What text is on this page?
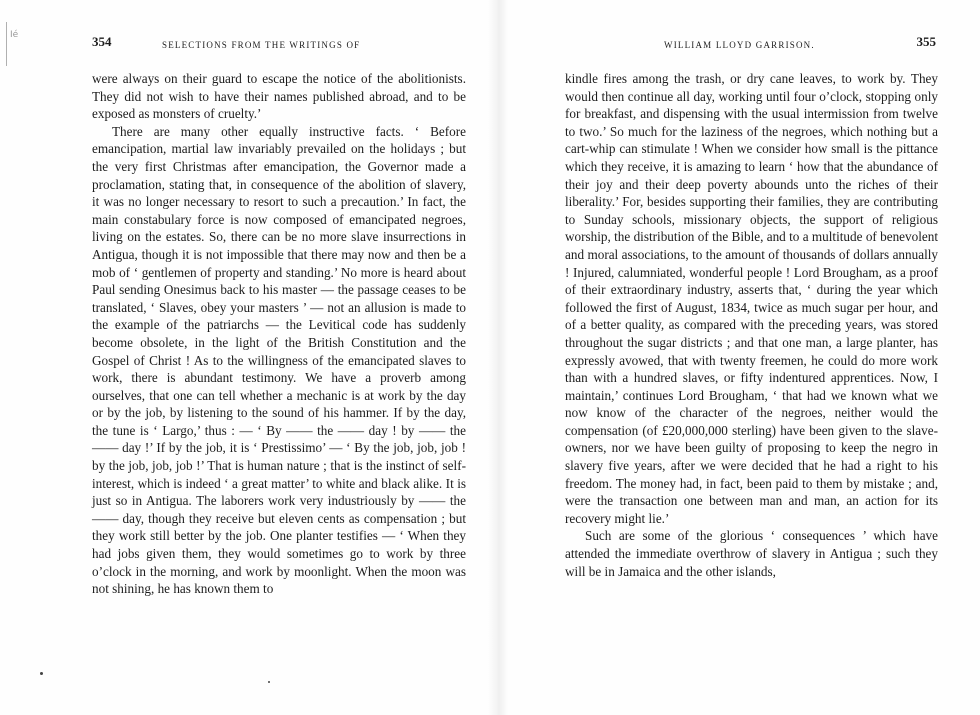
Ié	354	SELECTIONS FROM THE WRITINGS OF

were always on their guard to escape the notice of the abolitionists. They did not wish to have their names published abroad, and to be exposed as monsters of cruelty.’

There are many other equally instructive facts. ‘ Before emancipation, martial law invariably prevailed on the holidays ; but the very first Christmas after emancipation, the Governor made a proclamation, stating that, in consequence of the abolition of slavery, it was no longer necessary to resort to such a precaution.’ In fact, the main constabulary force is now composed of emancipated negroes, living on the estates. So, there can be no more slave insurrections in Antigua, though it is not impossible that there may now and then be a mob of ‘ gentlemen of property and standing.’ No more is heard about Paul sending Onesimus back to his master — the passage ceases to be translated, ‘ Slaves, obey your masters ’ — not an allusion is made to the example of the patriarchs — the Levitical code has suddenly become obsolete, in the light of the British Constitution and the Gospel of Christ ! As to the willingness of the emancipated slaves to work, there is abundant testimony. We have a proverb among ourselves, that one can tell whether a mechanic is at work by the day or by the job, by listening to the sound of his hammer. If by the day, the tune is ‘ Largo,’ thus : — ‘ By —— the —— day ! by —— the —— day !’ If by the job, it is ‘ Prestissimo’ — ‘ By the job, job, job ! by the job, job, job !’ That is human nature ; that is the instinct of self-interest, which is indeed ‘ a great matter’ to white and black alike. It is just so in Antigua. The laborers work very industriously by —— the —— day, though they receive but eleven cents as compensation ; but they work still better by the job. One planter testifies — ‘ When they had jobs given them, they would sometimes go to work by three o’clock in the morning, and work by moonlight. When the moon was not shining, he has known them to

WILLIAM LLOYD GARRISON.	355

kindle fires among the trash, or dry cane leaves, to work by. They would then continue all day, working until four o’clock, stopping only for breakfast, and dispensing with the usual intermission from twelve to two.’ So much for the laziness of the negroes, which nothing but a cart-whip can stimulate ! When we consider how small is the pittance which they receive, it is amazing to learn ‘ how that the abundance of their joy and their deep poverty abounds unto the riches of their liberality.’ For, besides supporting their families, they are contributing to Sunday schools, missionary objects, the support of religious worship, the distribution of the Bible, and to a multitude of benevolent and moral associations, to the amount of thousands of dollars annually ! Injured, calumniated, wonderful people ! Lord Brougham, as a proof of their extraordinary industry, asserts that, ‘ during the year which followed the first of August, 1834, twice as much sugar per hour, and of a better quality, as compared with the preceding years, was stored throughout the sugar districts ; and that one man, a large planter, has expressly avowed, that with twenty freemen, he could do more work than with a hundred slaves, or fifty indentured apprentices. Now, I maintain,’ continues Lord Brougham, ‘ that had we known what we now know of the character of the negroes, neither would the compensation (of £20,000,000 sterling) have been given to the slave-owners, nor we have been guilty of proposing to keep the negro in slavery five years, after we were decided that he had a right to his freedom. The money had, in fact, been paid to them by mistake ; and, were the transaction one between man and man, an action for its recovery might lie.’

Such are some of the glorious ‘ consequences ’ which have attended the immediate overthrow of slavery in Antigua ; such they will be in Jamaica and the other islands,
